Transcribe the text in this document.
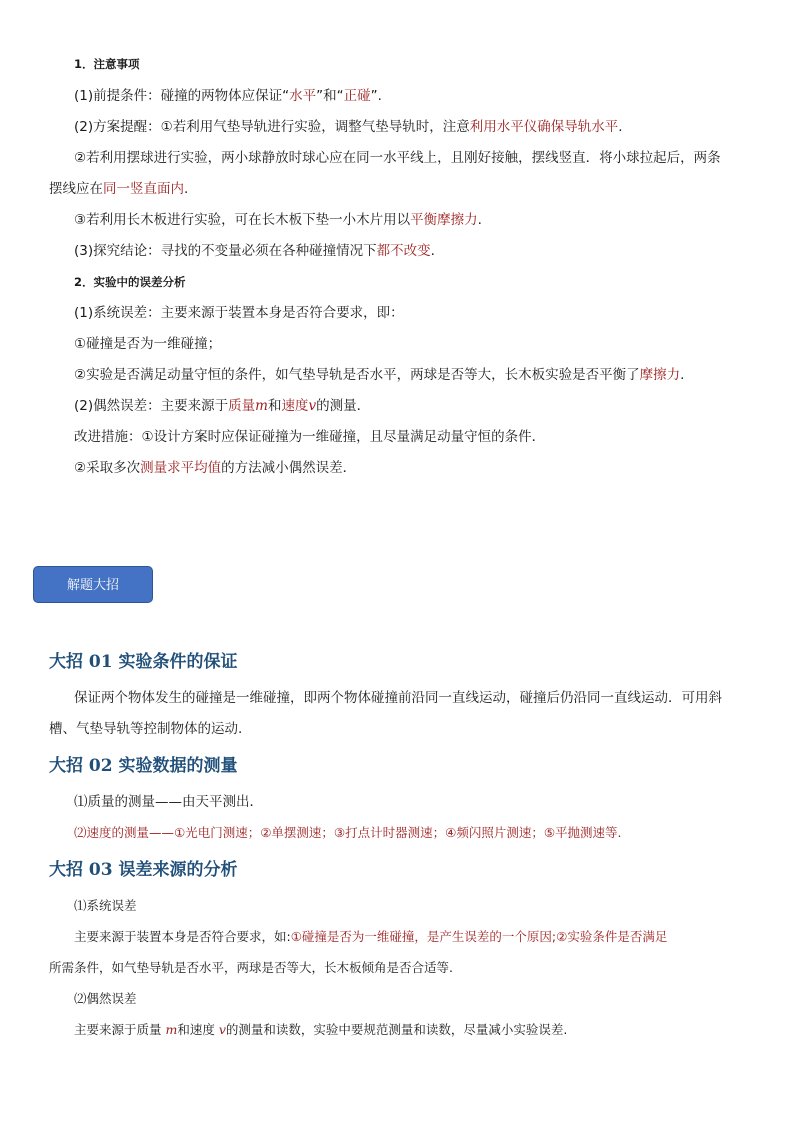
1．注意事项
(1)前提条件：碰撞的两物体应保证“水平”和“正碰”.
(2)方案提醒：①若利用气垫导轨进行实验，调整气垫导轨时，注意利用水平仪确保导轨水平.
②若利用摆球进行实验，两小球静放时球心应在同一水平线上，且刚好接触，摆线竖直．将小球拉起后，两条
摆线应在同一竖直面内.
③若利用长木板进行实验，可在长木板下垫一小木片用以平衡摩擦力.
(3)探究结论：寻找的不变量必须在各种碰撞情况下都不改变.
2．实验中的误差分析
(1)系统误差：主要来源于装置本身是否符合要求，即：
①碰撞是否为一维碰撞；
②实验是否满足动量守恒的条件，如气垫导轨是否水平，两球是否等大，长木板实验是否平衡了摩擦力.
(2)偶然误差：主要来源于质量m和速度v的测量．
改进措施：①设计方案时应保证碰撞为一维碰撞，且尽量满足动量守恒的条件．
②采取多次测量求平均值的方法减小偶然误差．
解题大招
大招 01 实验条件的保证
保证两个物体发生的碰撞是一维碰撞，即两个物体碰撞前沿同一直线运动，碰撞后仍沿同一直线运动．可用斜
槽、气垫导轨等控制物体的运动.
大招 02 实验数据的测量
⑴质量的测量——由天平测出．
⑵速度的测量——①光电门测速；②单摆测速；③打点计时器测速；④频闪照片测速；⑤平抛测速等.
大招 03 误差来源的分析
⑴系统误差
主要来源于装置本身是否符合要求，如:①碰撞是否为一维碰撞，是产生误差的一个原因;②实验条件是否满足
所需条件，如气垫导轨是否水平，两球是否等大，长木板倾角是否合适等.
⑵偶然误差
主要来源于质量 m和速度 v的测量和读数，实验中要规范测量和读数，尽量减小实验误差.
